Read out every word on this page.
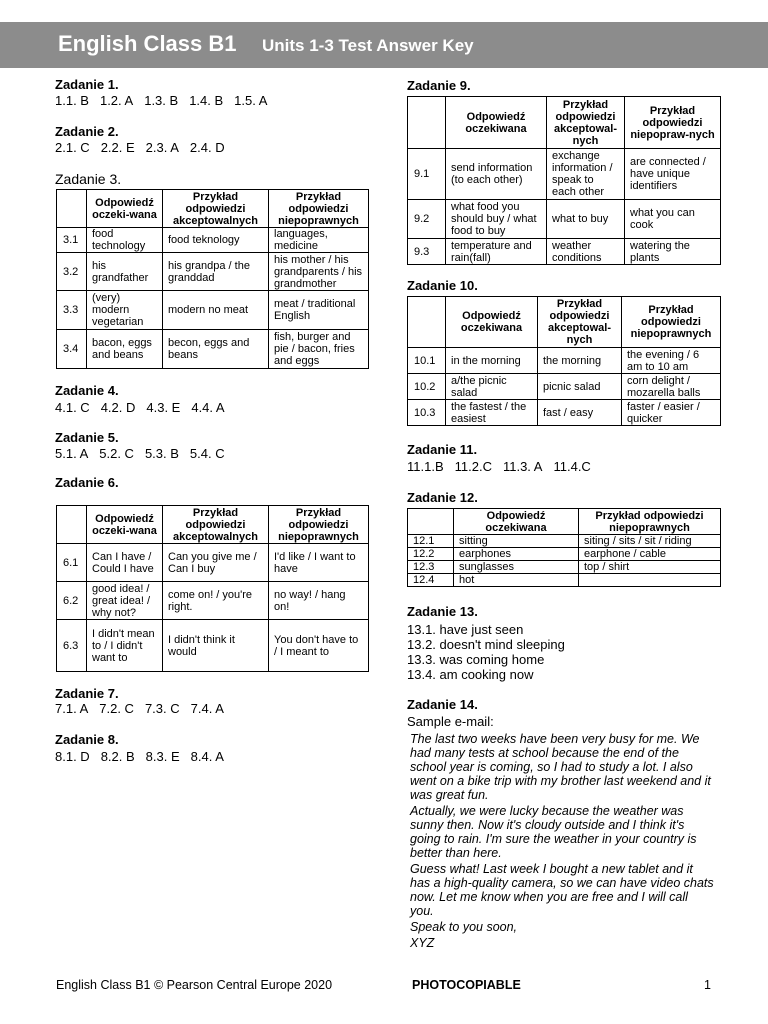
English Class B1 Units 1-3 Test Answer Key
Zadanie 1.
1.1. B 1.2. A 1.3. B 1.4. B 1.5. A
Zadanie 2.
2.1. C 2.2. E 2.3. A 2.4. D
Zadanie 3.
	Odpowiedź oczeki-wana	Przykład odpowiedzi akceptowalnych	Przykład odpowiedzi niepoprawnych
3.1	food technology	food teknology	languages, medicine
3.2	his grandfather	his grandpa / the granddad	his mother / his grandparents / his grandmother
3.3	(very) modern vegetarian	modern no meat	meat / traditional English
3.4	bacon, eggs and beans	becon, eggs and beans	fish, burger and pie / bacon, fries and eggs
Zadanie 4.
4.1. C 4.2. D 4.3. E 4.4. A
Zadanie 5.
5.1. A 5.2. C 5.3. B 5.4. C
Zadanie 6.
	Odpowiedź oczeki-wana	Przykład odpowiedzi akceptowalnych	Przykład odpowiedzi niepoprawnych
6.1	Can I have / Could I have	Can you give me / Can I buy	I'd like / I want to have
6.2	good idea! / great idea! / why not?	come on! / you're right.	no way! / hang on!
6.3	I didn't mean to / I didn't want to	I didn't think it would	You don't have to / I meant to
Zadanie 7.
7.1. A 7.2. C 7.3. C 7.4. A
Zadanie 8.
8.1. D 8.2. B 8.3. E 8.4. A
Zadanie 9.
	Odpowiedź oczekiwana	Przykład odpowiedzi akceptowal-nych	Przykład odpowiedzi niepopraw-nych
9.1	send information (to each other)	exchange information / speak to each other	are connected / have unique identifiers
9.2	what food you should buy / what food to buy	what to buy	what you can cook
9.3	temperature and rain(fall)	weather conditions	watering the plants
Zadanie 10.
	Odpowiedź oczekiwana	Przykład odpowiedzi akceptowal-nych	Przykład odpowiedzi niepoprawnych
10.1	in the morning	the morning	the evening / 6 am to 10 am
10.2	a/the picnic salad	picnic salad	corn delight / mozarella balls
10.3	the fastest / the easiest	fast / easy	faster / easier / quicker
Zadanie 11.
11.1.B 11.2.C 11.3. A 11.4.C
Zadanie 12.
	Odpowiedź oczekiwana	Przykład odpowiedzi niepoprawnych
12.1	sitting	siting / sits / sit / riding
12.2	earphones	earphone / cable
12.3	sunglasses	top / shirt
12.4	hot	
Zadanie 13.
13.1. have just seen
13.2. doesn't mind sleeping
13.3. was coming home
13.4. am cooking now
Zadanie 14.
Sample e-mail:

The last two weeks have been very busy for me. We had many tests at school because the end of the school year is coming, so I had to study a lot. I also went on a bike trip with my brother last weekend and it was great fun.

Actually, we were lucky because the weather was sunny then. Now it's cloudy outside and I think it's going to rain. I'm sure the weather in your country is better than here.

Guess what! Last week I bought a new tablet and it has a high-quality camera, so we can have video chats now. Let me know when you are free and I will call you.

Speak to you soon,

XYZ

English Class B1 © Pearson Central Europe 2020	PHOTOCOPIABLE	1
